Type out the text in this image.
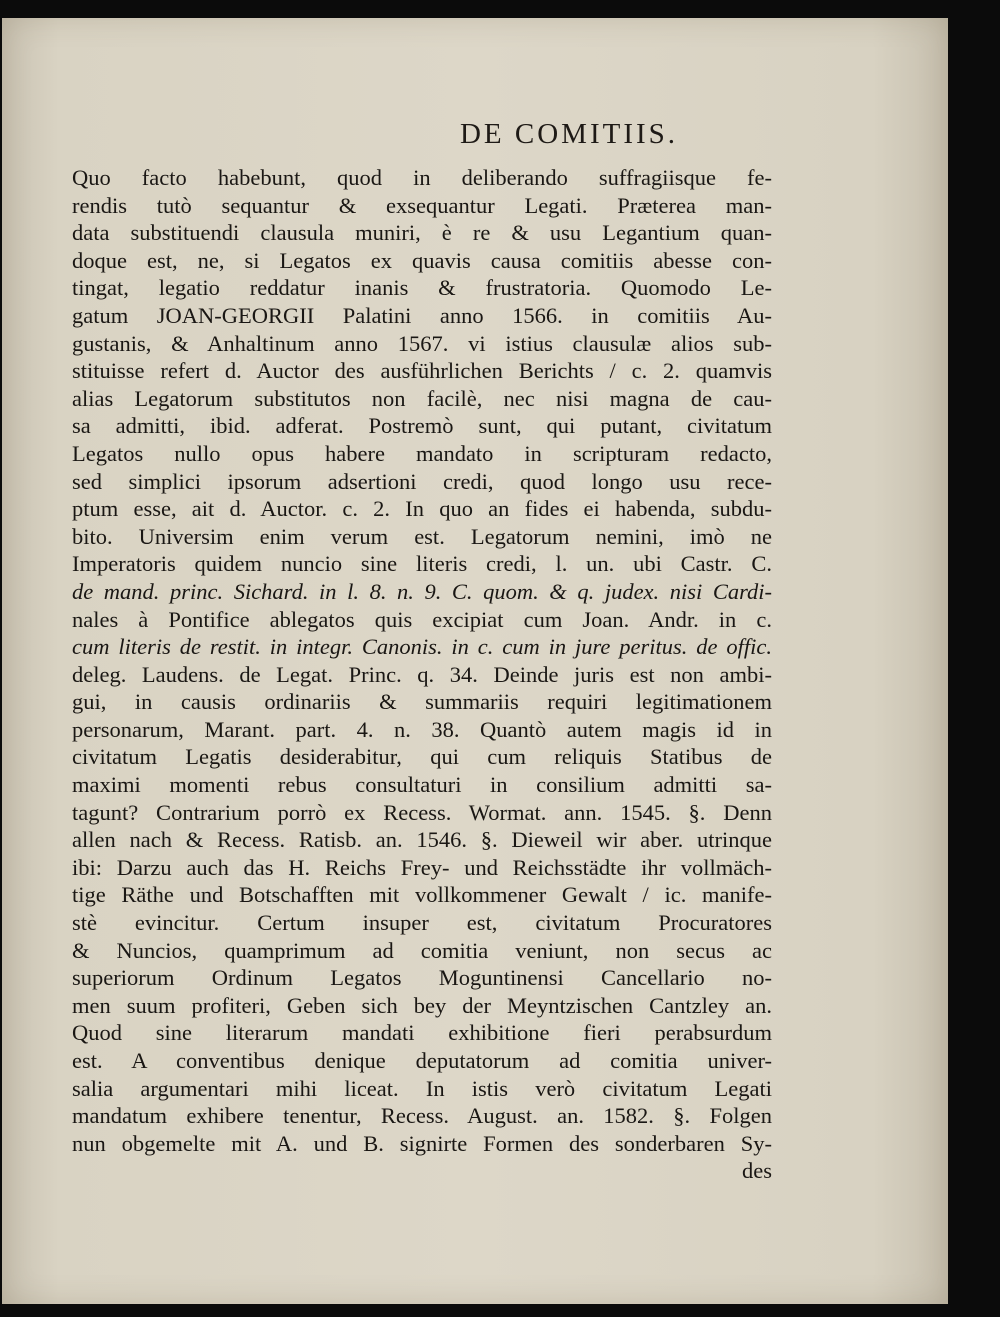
DE COMITIIS.
Quo facto habebunt, quod in deliberando suffragiisque fe-
rendis tutò sequantur & exsequantur Legati. Præterea man-
data substituendi clausula muniri, è re & usu Legantium quan-
doque est, ne, si Legatos ex quavis causa comitiis abesse con-
tingat, legatio reddatur inanis & frustratoria. Quomodo Le-
gatum JOAN-GEORGII Palatini anno 1566. in comitiis Au-
gustanis, & Anhaltinum anno 1567. vi istius clausulæ alios sub-
stituisse refert d. Auctor des ausführlichen Berichts / c. 2. quamvis
alias Legatorum substitutos non facilè, nec nisi magna de cau-
sa admitti, ibid. adferat. Postremò sunt, qui putant, civitatum
Legatos nullo opus habere mandato in scripturam redacto,
sed simplici ipsorum adsertioni credi, quod longo usu rece-
ptum esse, ait d. Auctor. c. 2. In quo an fides ei habenda, subdu-
bito. Universim enim verum est. Legatorum nemini, imò ne
Imperatoris quidem nuncio sine literis credi, l. un. ubi Castr. C.
de mand. princ. Sichard. in l. 8. n. 9. C. quom. & q. judex. nisi Cardi-
nales à Pontifice ablegatos quis excipiat cum Joan. Andr. in c.
cum literis de restit. in integr. Canonis. in c. cum in jure peritus. de offic.
deleg. Laudens. de Legat. Princ. q. 34. Deinde juris est non ambi-
gui, in causis ordinariis & summariis requiri legitimationem
personarum, Marant. part. 4. n. 38. Quantò autem magis id in
civitatum Legatis desiderabitur, qui cum reliquis Statibus de
maximi momenti rebus consultaturi in consilium admitti sa-
tagunt? Contrarium porrò ex Recess. Wormat. ann. 1545. §. Denn
allen nach & Recess. Ratisb. an. 1546. §. Dieweil wir aber. utrinque
ibi: Darzu auch das H. Reichs Frey- und Reichsstädte ihr vollmäch-
tige Räthe und Botschafften mit vollkommener Gewalt / ic. manife-
stè evincitur. Certum insuper est, civitatum Procuratores
& Nuncios, quamprimum ad comitia veniunt, non secus ac
superiorum Ordinum Legatos Moguntinensi Cancellario no-
men suum profiteri, Geben sich bey der Meyntzischen Cantzley an.
Quod sine literarum mandati exhibitione fieri perabsurdum
est. A conventibus denique deputatorum ad comitia univer-
salia argumentari mihi liceat. In istis verò civitatum Legati
mandatum exhibere tenentur, Recess. August. an. 1582. §. Folgen
nun obgemelte mit A. und B. signirte Formen des sonderbaren Sy-
des
